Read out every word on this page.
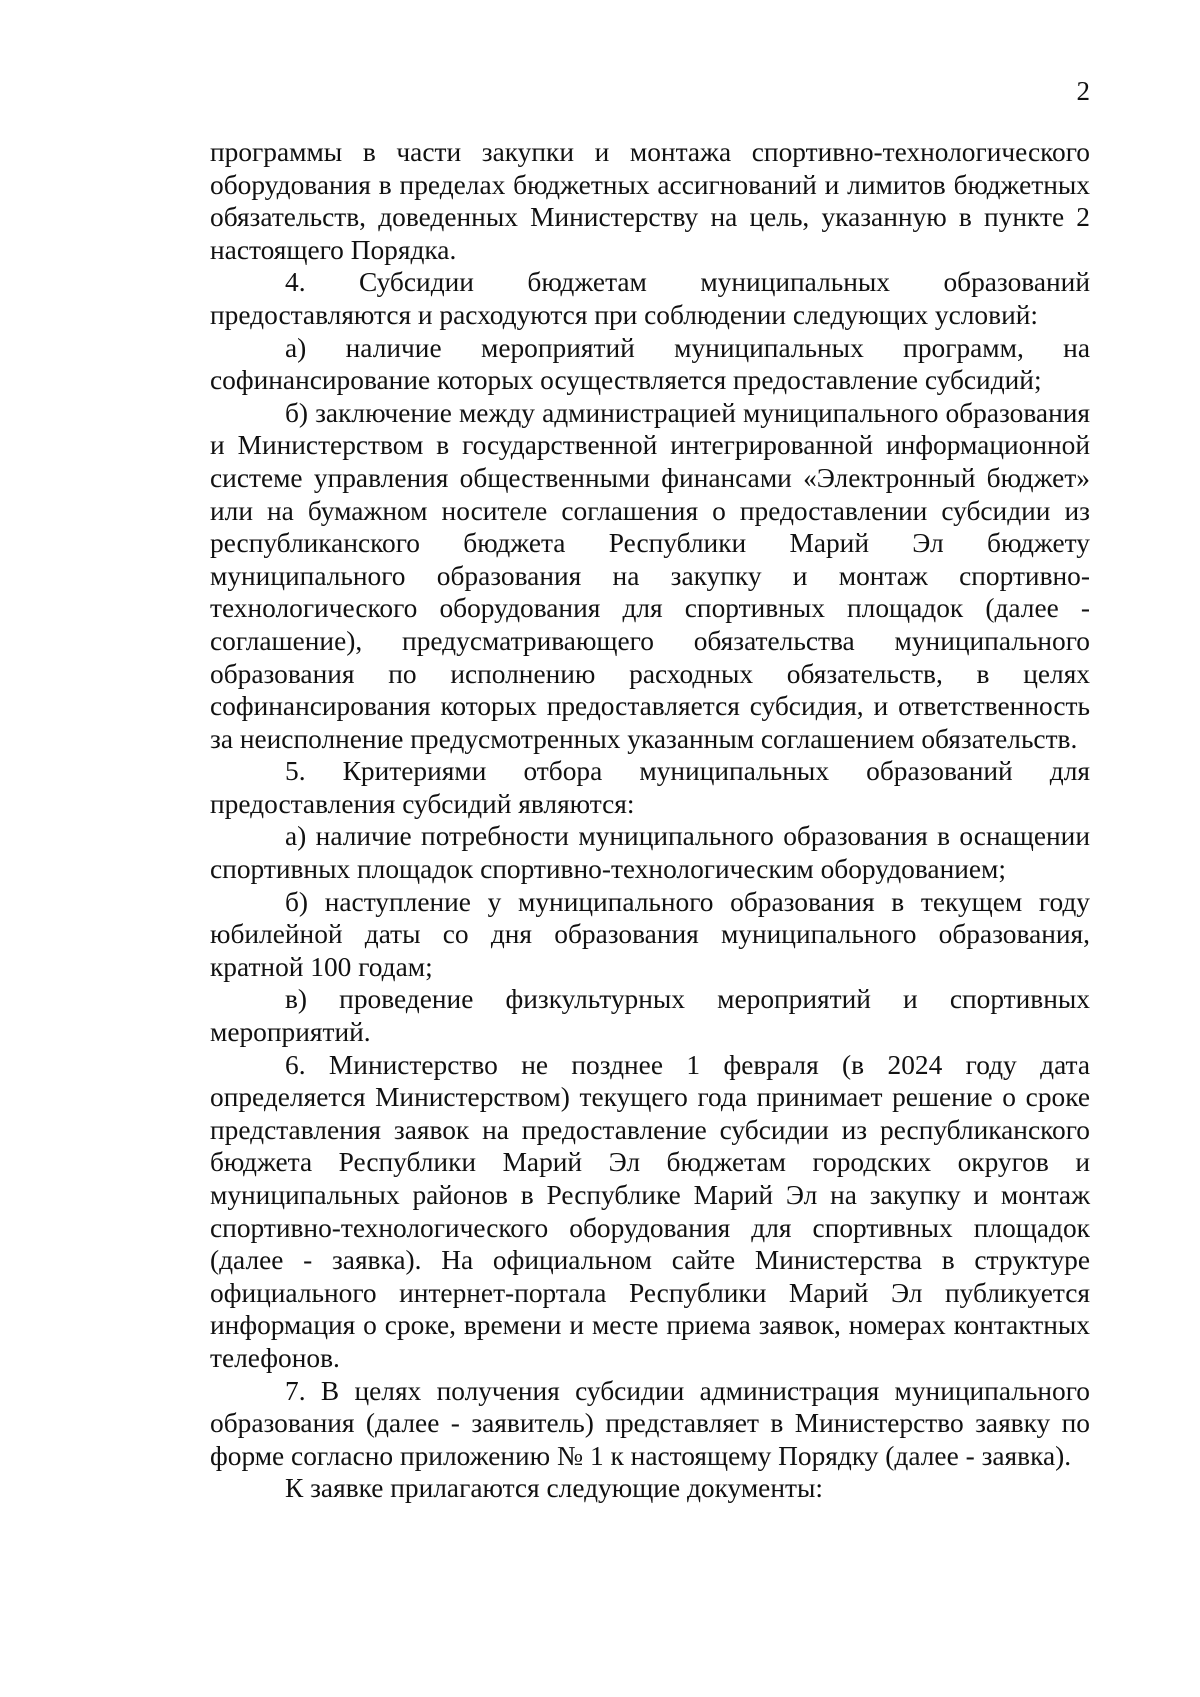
2

программы в части закупки и монтажа спортивно-технологического оборудования в пределах бюджетных ассигнований и лимитов бюджетных обязательств, доведенных Министерству на цель, указанную в пункте 2 настоящего Порядка.

4. Субсидии бюджетам муниципальных образований предоставляются и расходуются при соблюдении следующих условий:

а) наличие мероприятий муниципальных программ, на софинансирование которых осуществляется предоставление субсидий;

б) заключение между администрацией муниципального образования и Министерством в государственной интегрированной информационной системе управления общественными финансами «Электронный бюджет» или на бумажном носителе соглашения о предоставлении субсидии из республиканского бюджета Республики Марий Эл бюджету муниципального образования на закупку и монтаж спортивно-технологического оборудования для спортивных площадок (далее - соглашение), предусматривающего обязательства муниципального образования по исполнению расходных обязательств, в целях софинансирования которых предоставляется субсидия, и ответственность за неисполнение предусмотренных указанным соглашением обязательств.

5. Критериями отбора муниципальных образований для предоставления субсидий являются:

а) наличие потребности муниципального образования в оснащении спортивных площадок спортивно-технологическим оборудованием;

б) наступление у муниципального образования в текущем году юбилейной даты со дня образования муниципального образования, кратной 100 годам;

в) проведение физкультурных мероприятий и спортивных мероприятий.

6. Министерство не позднее 1 февраля (в 2024 году дата определяется Министерством) текущего года принимает решение о сроке представления заявок на предоставление субсидии из республиканского бюджета Республики Марий Эл бюджетам городских округов и муниципальных районов в Республике Марий Эл на закупку и монтаж спортивно-технологического оборудования для спортивных площадок (далее - заявка). На официальном сайте Министерства в структуре официального интернет-портала Республики Марий Эл публикуется информация о сроке, времени и месте приема заявок, номерах контактных телефонов.

7. В целях получения субсидии администрация муниципального образования (далее - заявитель) представляет в Министерство заявку по форме согласно приложению № 1 к настоящему Порядку (далее - заявка).

К заявке прилагаются следующие документы:
